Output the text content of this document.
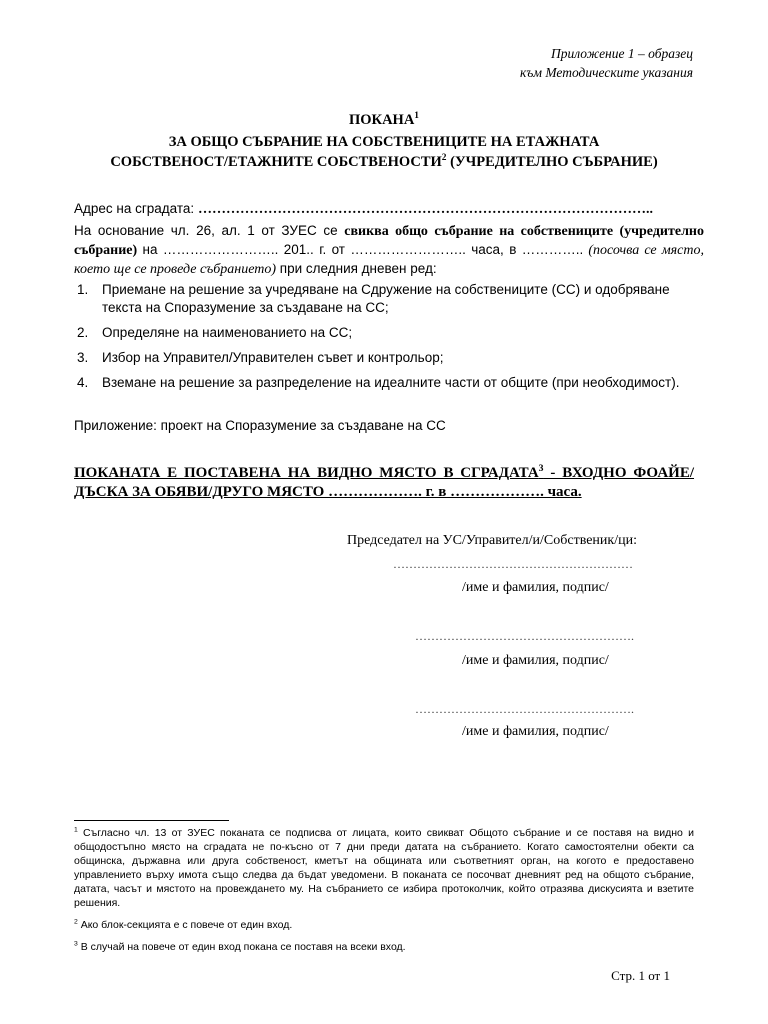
Приложение 1 – образец
към Методическите указания
ПОКАНА$^1$
ЗА ОБЩО СЪБРАНИЕ НА СОБСТВЕНИЦИТЕ НА ЕТАЖНАТА
СОБСТВЕНОСТ/ЕТАЖНИТЕ СОБСТВЕНОСТИ$^2$ (УЧРЕДИТЕЛНО СЪБРАНИЕ)
Адрес на сградата: ……………………………………………………………………………………..
На основание чл. 26, ал. 1 от ЗУЕС се свиква общо събрание на собствениците (учредително събрание) на …………………….. 201.. г. от …………………….. часа, в ………….. (посочва се място, което ще се проведе събранието) при следния дневен ред:
1. Приемане на решение за учредяване на Сдружение на собствениците (СС) и одобряване текста на Споразумение за създаване на СС;
2. Определяне на наименованието на СС;
3. Избор на Управител/Управителен съвет и контрольор;
4. Вземане на решение за разпределение на идеалните части от общите (при необходимост).
Приложение: проект на Споразумение за създаване на СС
ПОКАНАТА Е ПОСТАВЕНА НА ВИДНО МЯСТО В СГРАДАТА$^3$ - ВХОДНО ФОАЙЕ/ДЪСКА ЗА ОБЯВИ/ДРУГО МЯСТО ………………. г. в ………………. часа.
Председател на УС/Управител/и/Собственик/ци:
……………………………………………………
/име и фамилия, подпис/
……………………………………………….
/име и фамилия, подпис/
……………………………………………….
/име и фамилия, подпис/
$^1$ Съгласно чл. 13 от ЗУЕС поканата се подписва от лицата, които свикват Общото събрание и се поставя на видно и общодостъпно място на сградата не по-късно от 7 дни преди датата на събранието. Когато самостоятелни обекти са общинска, държавна или друга собственост, кметът на общината или съответният орган, на когото е предоставено управлението върху имота също следва да бъдат уведомени. В поканата се посочват дневният ред на общото събрание, датата, часът и мястото на провеждането му. На събранието се избира протоколчик, който отразява дискусията и взетите решения.
$^2$ Ако блок-секцията е с повече от един вход.
$^3$ В случай на повече от един вход покана се поставя на всеки вход.
Стр. 1 от 1
